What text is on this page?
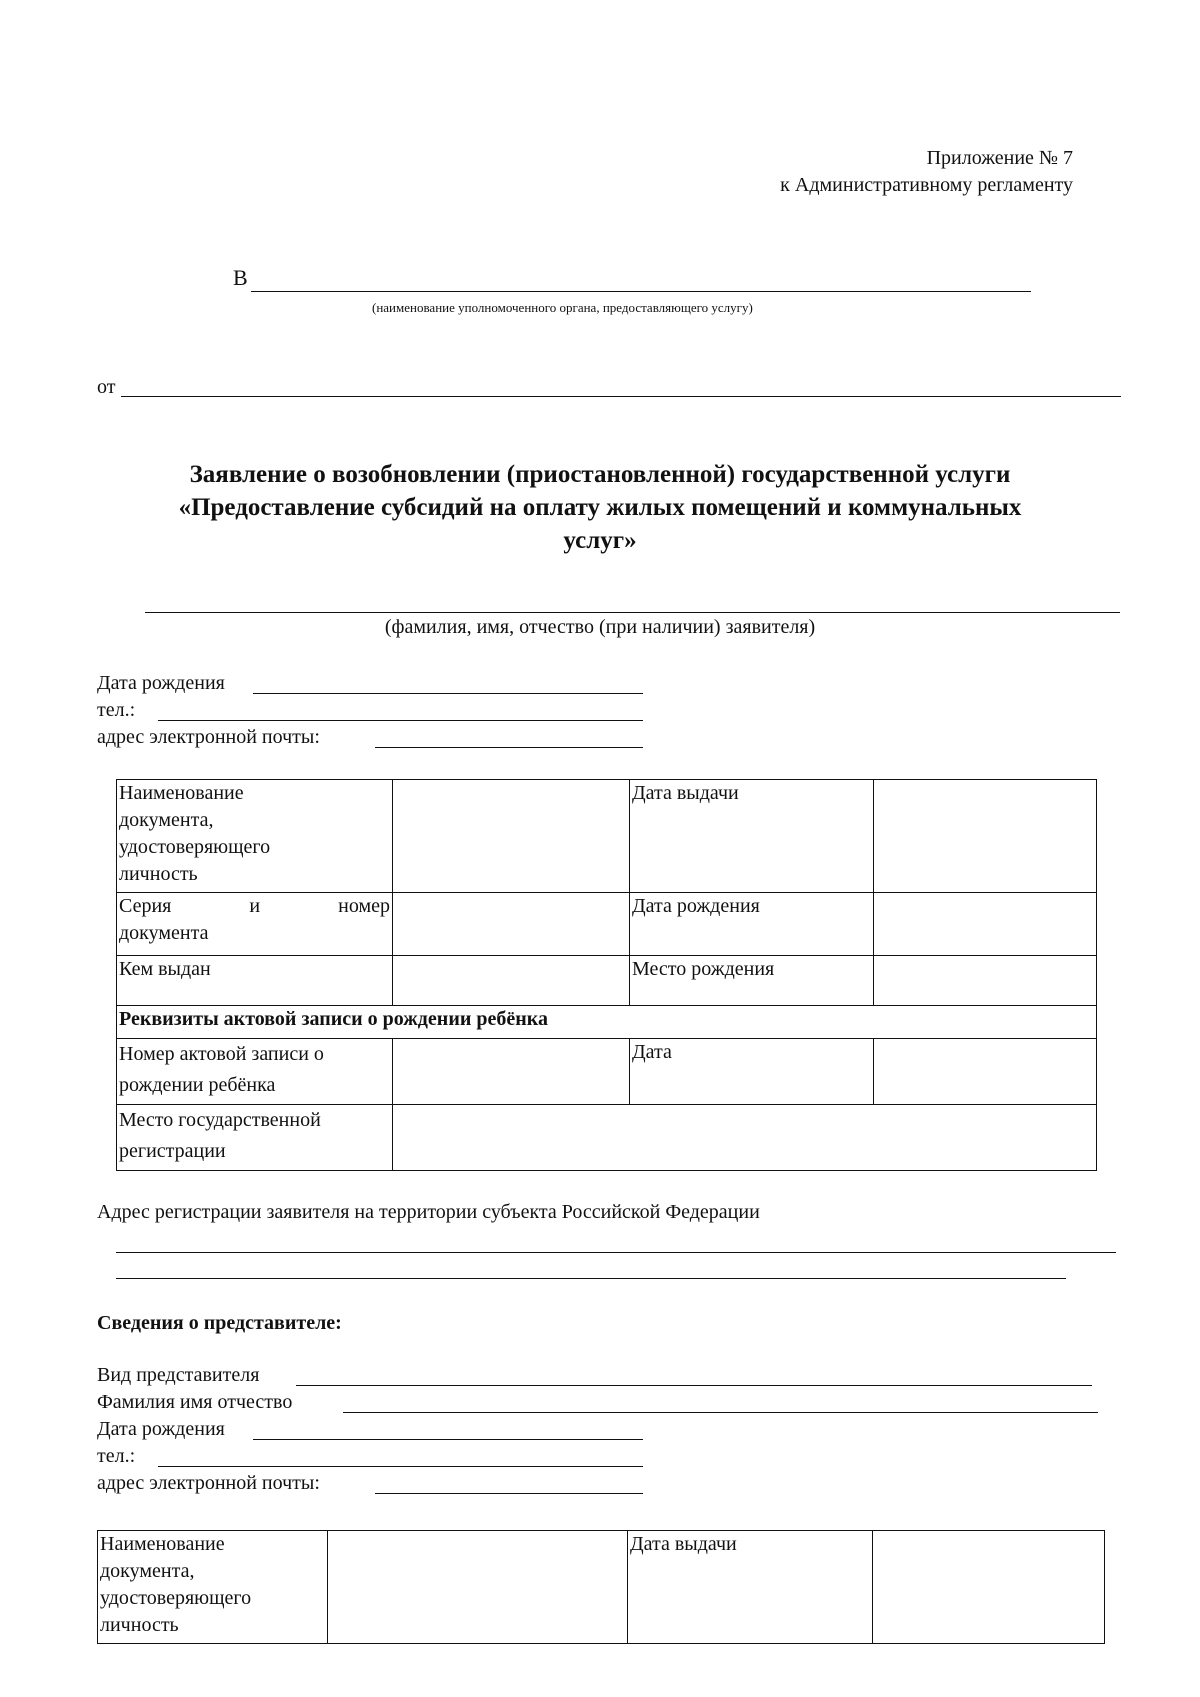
Приложение № 7
к Административному регламенту
В
(наименование уполномоченного органа, предоставляющего услугу)
от
Заявление о возобновлении (приостановленной) государственной услуги
«Предоставление субсидий на оплату жилых помещений и коммунальных
услуг»
(фамилия, имя, отчество (при наличии) заявителя)
Дата рождения
тел.:
адрес электронной почты:
Наименование
документа,
удостоверяющего
личность		Дата выдачи	

Серия и номер
документа		Дата рождения	
Кем выдан		Место рождения	
Реквизиты актовой записи о рождении ребёнка			

Номер актовой записи о
рождении ребёнка		Дата	

Место государственной
регистрации			

Адрес регистрации заявителя на территории субъекта Российской Федерации
Сведения о представителе:
Вид представителя
Фамилия имя отчество
Дата рождения
тел.:
адрес электронной почты:
Наименование
документа,
удостоверяющего
личность
		Дата выдачи	
